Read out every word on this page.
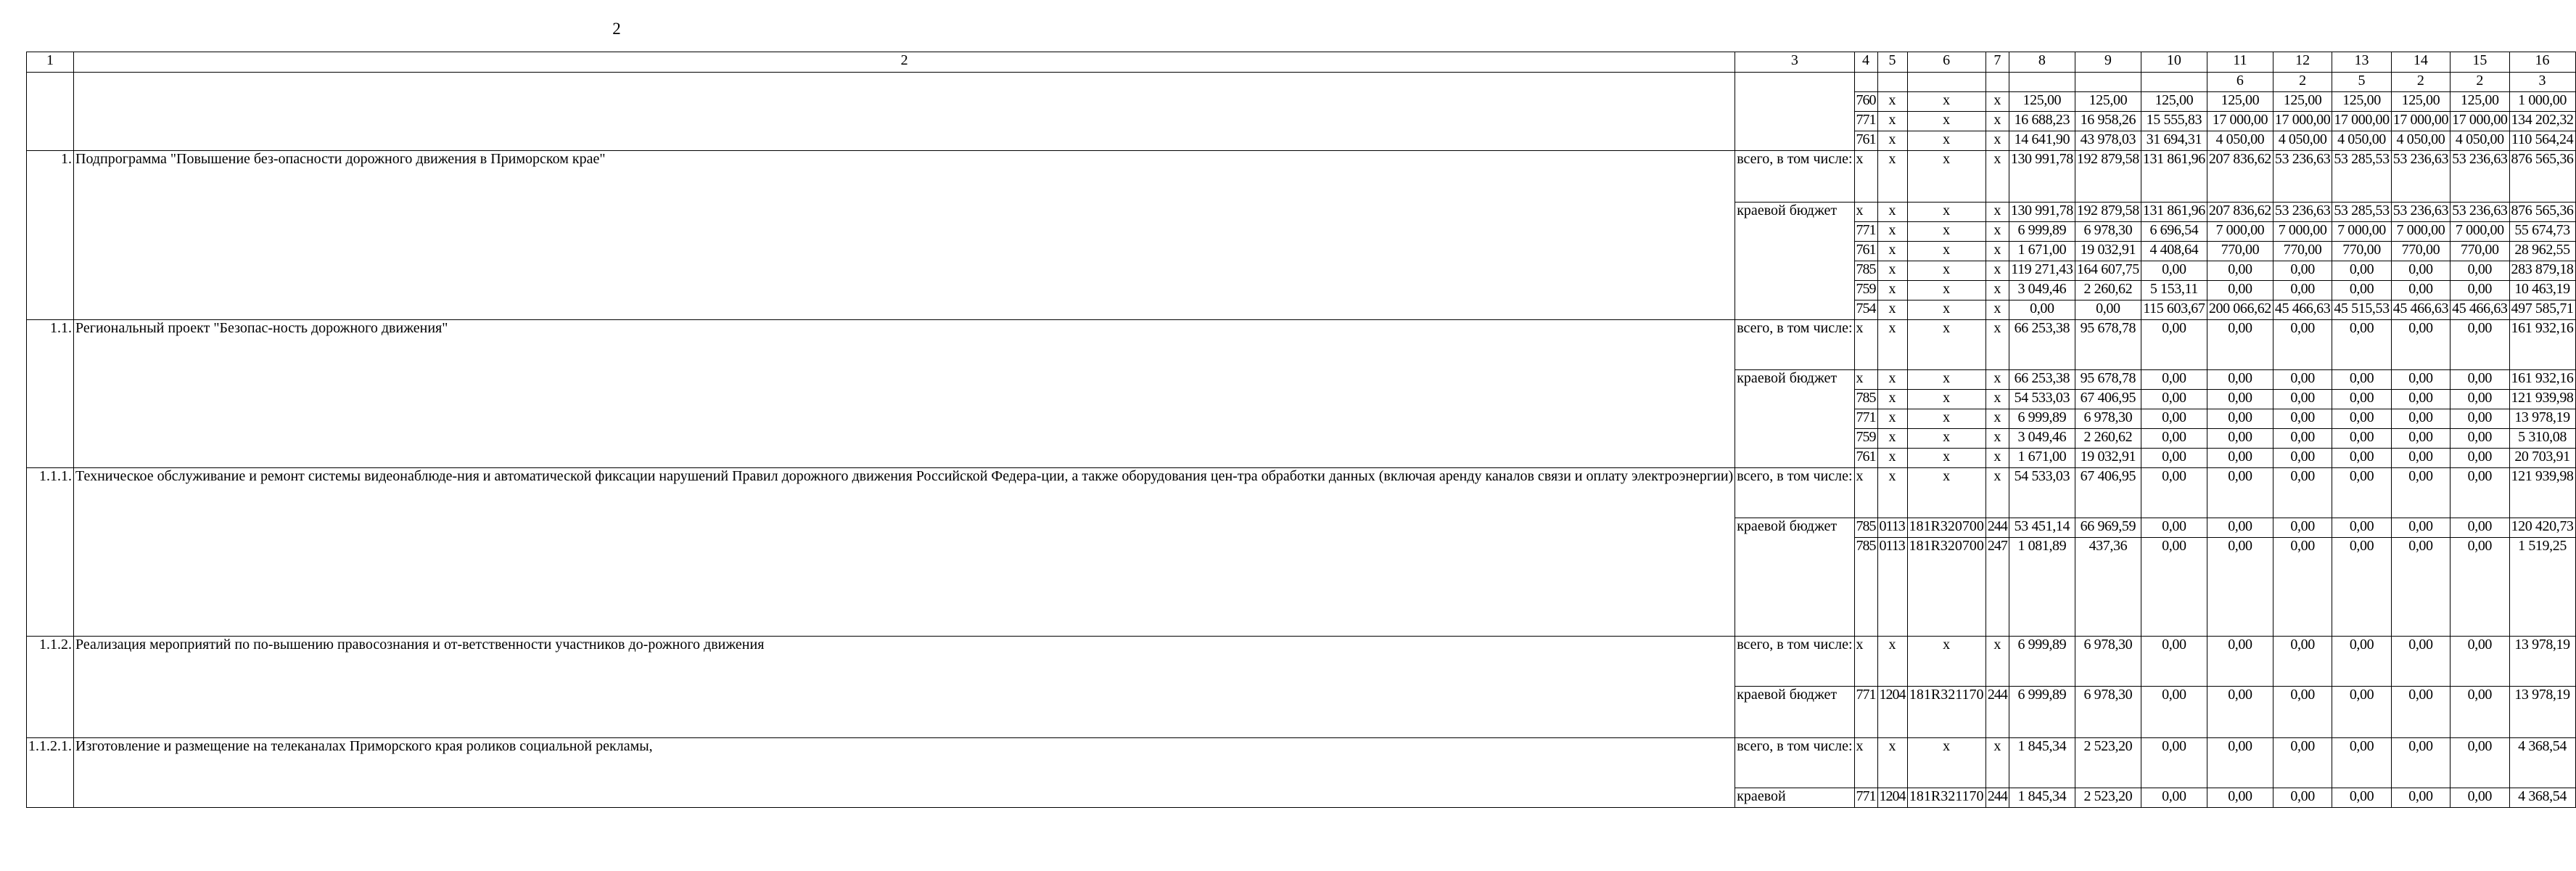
2
1	2	3	4	5	6	7	8	9	10	11	12	13	14	15	16
										6	2	5	2	2	3
			760	x	x	x	125,00	125,00	125,00	125,00	125,00	125,00	125,00	125,00	1 000,00
			771	x	x	x	16 688,23	16 958,26	15 555,83	17 000,00	17 000,00	17 000,00	17 000,00	17 000,00	134 202,32
			761	x	x	x	14 641,90	43 978,03	31 694,31	4 050,00	4 050,00	4 050,00	4 050,00	4 050,00	110 564,24
1.	Подпрограмма "Повышение без-опасности дорожного движения в Приморском крае"	всего, в том числе:	x	x	x	x	130 991,78	192 879,58	131 861,96	207 836,62	53 236,63	53 285,53	53 236,63	53 236,63	876 565,36
		краевой бюджет	x	x	x	x	130 991,78	192 879,58	131 861,96	207 836,62	53 236,63	53 285,53	53 236,63	53 236,63	876 565,36
			771	x	x	x	6 999,89	6 978,30	6 696,54	7 000,00	7 000,00	7 000,00	7 000,00	7 000,00	55 674,73
			761	x	x	x	1 671,00	19 032,91	4 408,64	770,00	770,00	770,00	770,00	770,00	28 962,55
			785	x	x	x	119 271,43	164 607,75	0,00	0,00	0,00	0,00	0,00	0,00	283 879,18
			759	x	x	x	3 049,46	2 260,62	5 153,11	0,00	0,00	0,00	0,00	0,00	10 463,19
			754	x	x	x	0,00	0,00	115 603,67	200 066,62	45 466,63	45 515,53	45 466,63	45 466,63	497 585,71
1.1.	Региональный проект "Безопас-ность дорожного движения"	всего, в том числе:	x	x	x	x	66 253,38	95 678,78	0,00	0,00	0,00	0,00	0,00	0,00	161 932,16
		краевой бюджет	x	x	x	x	66 253,38	95 678,78	0,00	0,00	0,00	0,00	0,00	0,00	161 932,16
			785	x	x	x	54 533,03	67 406,95	0,00	0,00	0,00	0,00	0,00	0,00	121 939,98
			771	x	x	x	6 999,89	6 978,30	0,00	0,00	0,00	0,00	0,00	0,00	13 978,19
			759	x	x	x	3 049,46	2 260,62	0,00	0,00	0,00	0,00	0,00	0,00	5 310,08
			761	x	x	x	1 671,00	19 032,91	0,00	0,00	0,00	0,00	0,00	0,00	20 703,91
1.1.1.	Техническое обслуживание и ремонт системы видеонаблюде-ния и автоматической фиксации нарушений Правил дорожного движения Российской Федера-ции, а также оборудования цен-тра обработки данных (включая аренду каналов связи и оплату электроэнергии)	всего, в том числе:	x	x	x	x	54 533,03	67 406,95	0,00	0,00	0,00	0,00	0,00	0,00	121 939,98
		краевой бюджет	785	0113	181R320700	244	53 451,14	66 969,59	0,00	0,00	0,00	0,00	0,00	0,00	120 420,73
			785	0113	181R320700	247	1 081,89	437,36	0,00	0,00	0,00	0,00	0,00	0,00	1 519,25
1.1.2.	Реализация мероприятий по по-вышению правосознания и от-ветственности участников до-рожного движения	всего, в том числе:	x	x	x	x	6 999,89	6 978,30	0,00	0,00	0,00	0,00	0,00	0,00	13 978,19
		краевой бюджет	771	1204	181R321170	244	6 999,89	6 978,30	0,00	0,00	0,00	0,00	0,00	0,00	13 978,19
1.1.2.1.	Изготовление и размещение на телеканалах Приморского края роликов социальной рекламы,	всего, в том числе:	x	x	x	x	1 845,34	2 523,20	0,00	0,00	0,00	0,00	0,00	0,00	4 368,54
		краевой	771	1204	181R321170	244	1 845,34	2 523,20	0,00	0,00	0,00	0,00	0,00	0,00	4 368,54
